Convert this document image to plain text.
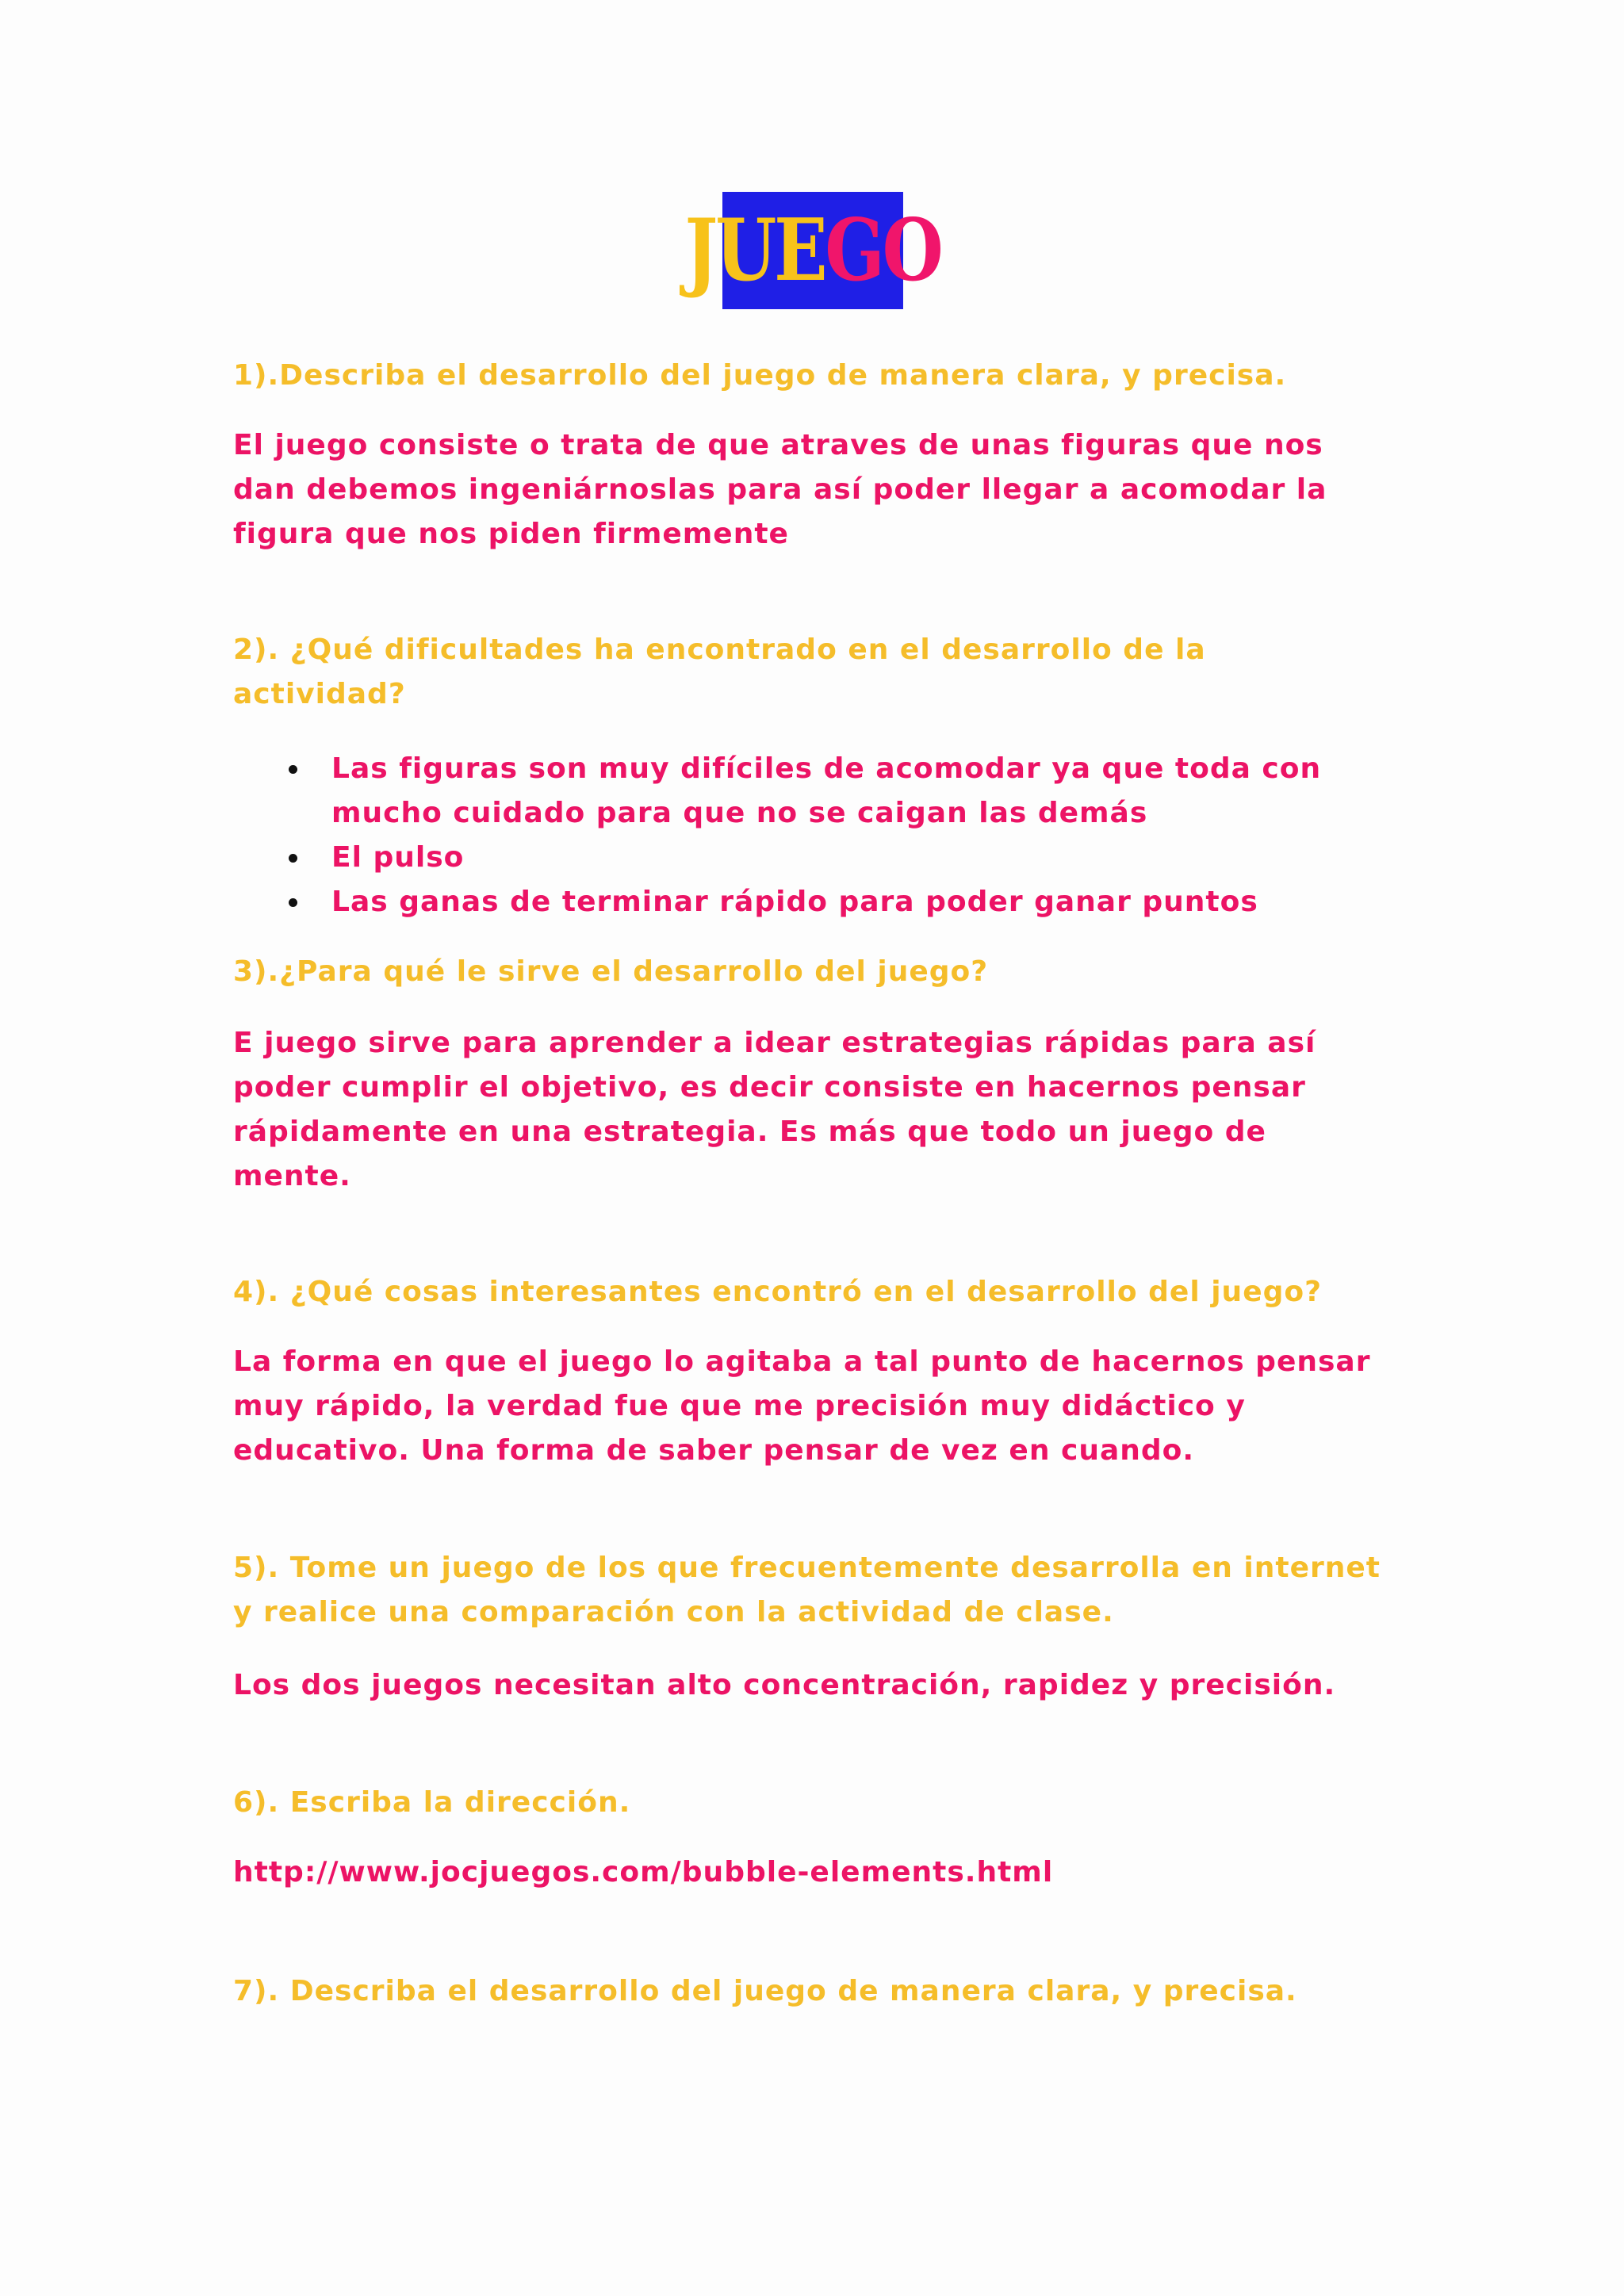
JUE GO

1).Describa el desarrollo del juego de manera clara, y precisa.

El juego consiste o trata de que atraves de unas figuras que nos
dan debemos ingeniárnoslas para así poder llegar a acomodar la
figura que nos piden firmemente

2). ¿Qué dificultades ha encontrado en el desarrollo de la
actividad?

Las figuras son muy difíciles de acomodar ya que toda con
mucho cuidado para que no se caigan las demás
El pulso
Las ganas de terminar rápido para poder ganar puntos

3).¿Para qué le sirve el desarrollo del juego?

E juego sirve para aprender a idear estrategias rápidas para así
poder cumplir el objetivo, es decir consiste en hacernos pensar
rápidamente en una estrategia. Es más que todo un juego de
mente.

4). ¿Qué cosas interesantes encontró en el desarrollo del juego?

La forma en que el juego lo agitaba a tal punto de hacernos pensar
muy rápido, la verdad fue que me precisión muy didáctico y
educativo. Una forma de saber pensar de vez en cuando.

5). Tome un juego de los que frecuentemente desarrolla en internet
y realice una comparación con la actividad de clase.

Los dos juegos necesitan alto concentración, rapidez y precisión.

6). Escriba la dirección.

http://www.jocjuegos.com/bubble-elements.html

7). Describa el desarrollo del juego de manera clara, y precisa.
